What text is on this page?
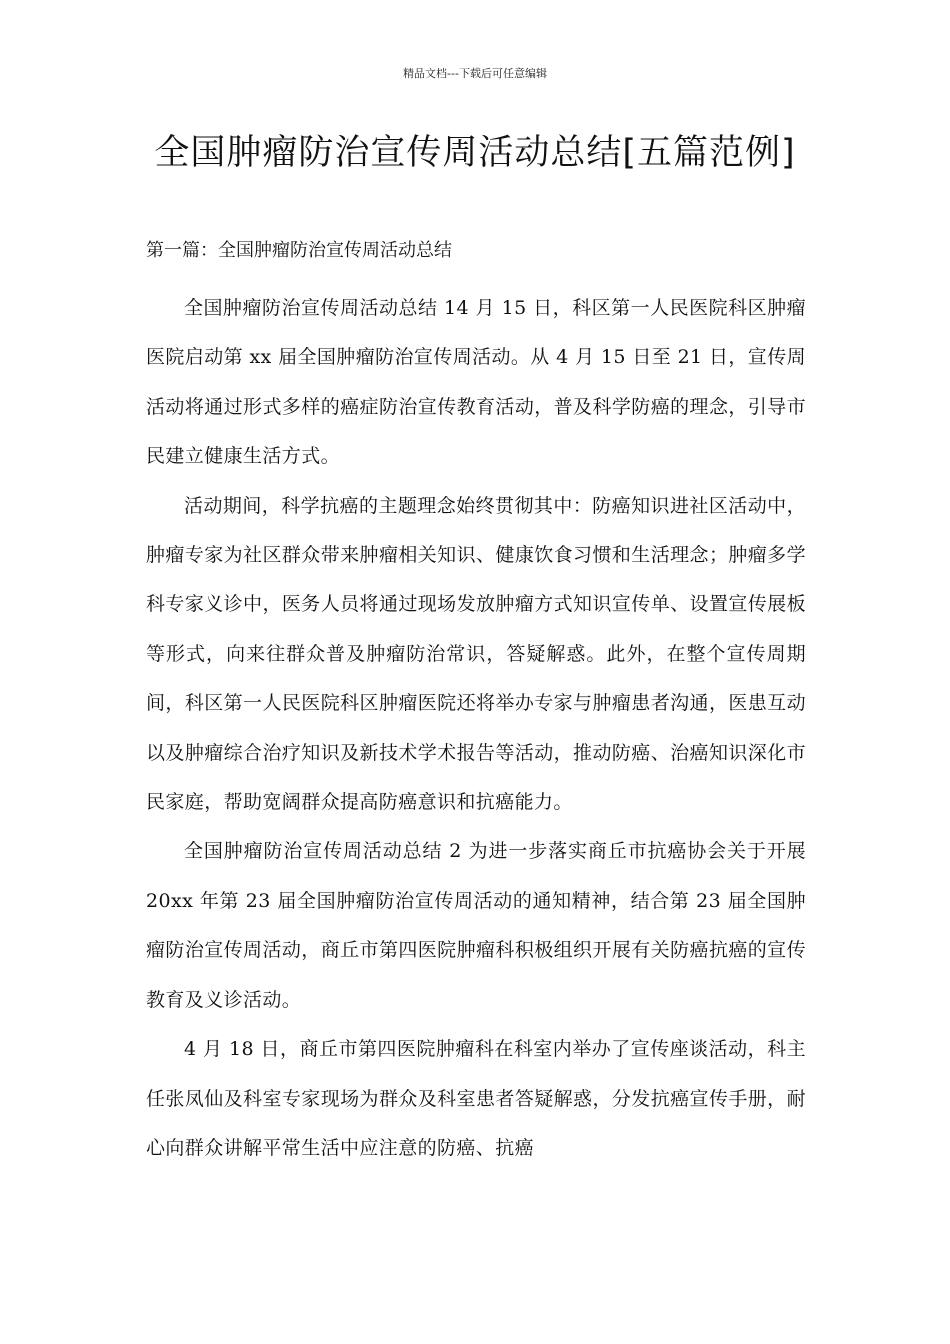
精品文档---下载后可任意编辑
全国肿瘤防治宣传周活动总结[五篇范例]

第一篇：全国肿瘤防治宣传周活动总结

全国肿瘤防治宣传周活动总结 14 月 15 日，科区第一人民医院科区肿瘤医院启动第 xx 届全国肿瘤防治宣传周活动。从 4 月 15 日至 21 日，宣传周活动将通过形式多样的癌症防治宣传教育活动，普及科学防癌的理念，引导市民建立健康生活方式。

活动期间，科学抗癌的主题理念始终贯彻其中：防癌知识进社区活动中，肿瘤专家为社区群众带来肿瘤相关知识、健康饮食习惯和生活理念；肿瘤多学科专家义诊中，医务人员将通过现场发放肿瘤方式知识宣传单、设置宣传展板等形式，向来往群众普及肿瘤防治常识，答疑解惑。此外，在整个宣传周期间，科区第一人民医院科区肿瘤医院还将举办专家与肿瘤患者沟通，医患互动以及肿瘤综合治疗知识及新技术学术报告等活动，推动防癌、治癌知识深化市民家庭，帮助宽阔群众提高防癌意识和抗癌能力。

全国肿瘤防治宣传周活动总结 2 为进一步落实商丘市抗癌协会关于开展 20xx 年第 23 届全国肿瘤防治宣传周活动的通知精神，结合第 23 届全国肿瘤防治宣传周活动，商丘市第四医院肿瘤科积极组织开展有关防癌抗癌的宣传教育及义诊活动。

4 月 18 日，商丘市第四医院肿瘤科在科室内举办了宣传座谈活动，科主任张凤仙及科室专家现场为群众及科室患者答疑解惑，分发抗癌宣传手册，耐心向群众讲解平常生活中应注意的防癌、抗癌
